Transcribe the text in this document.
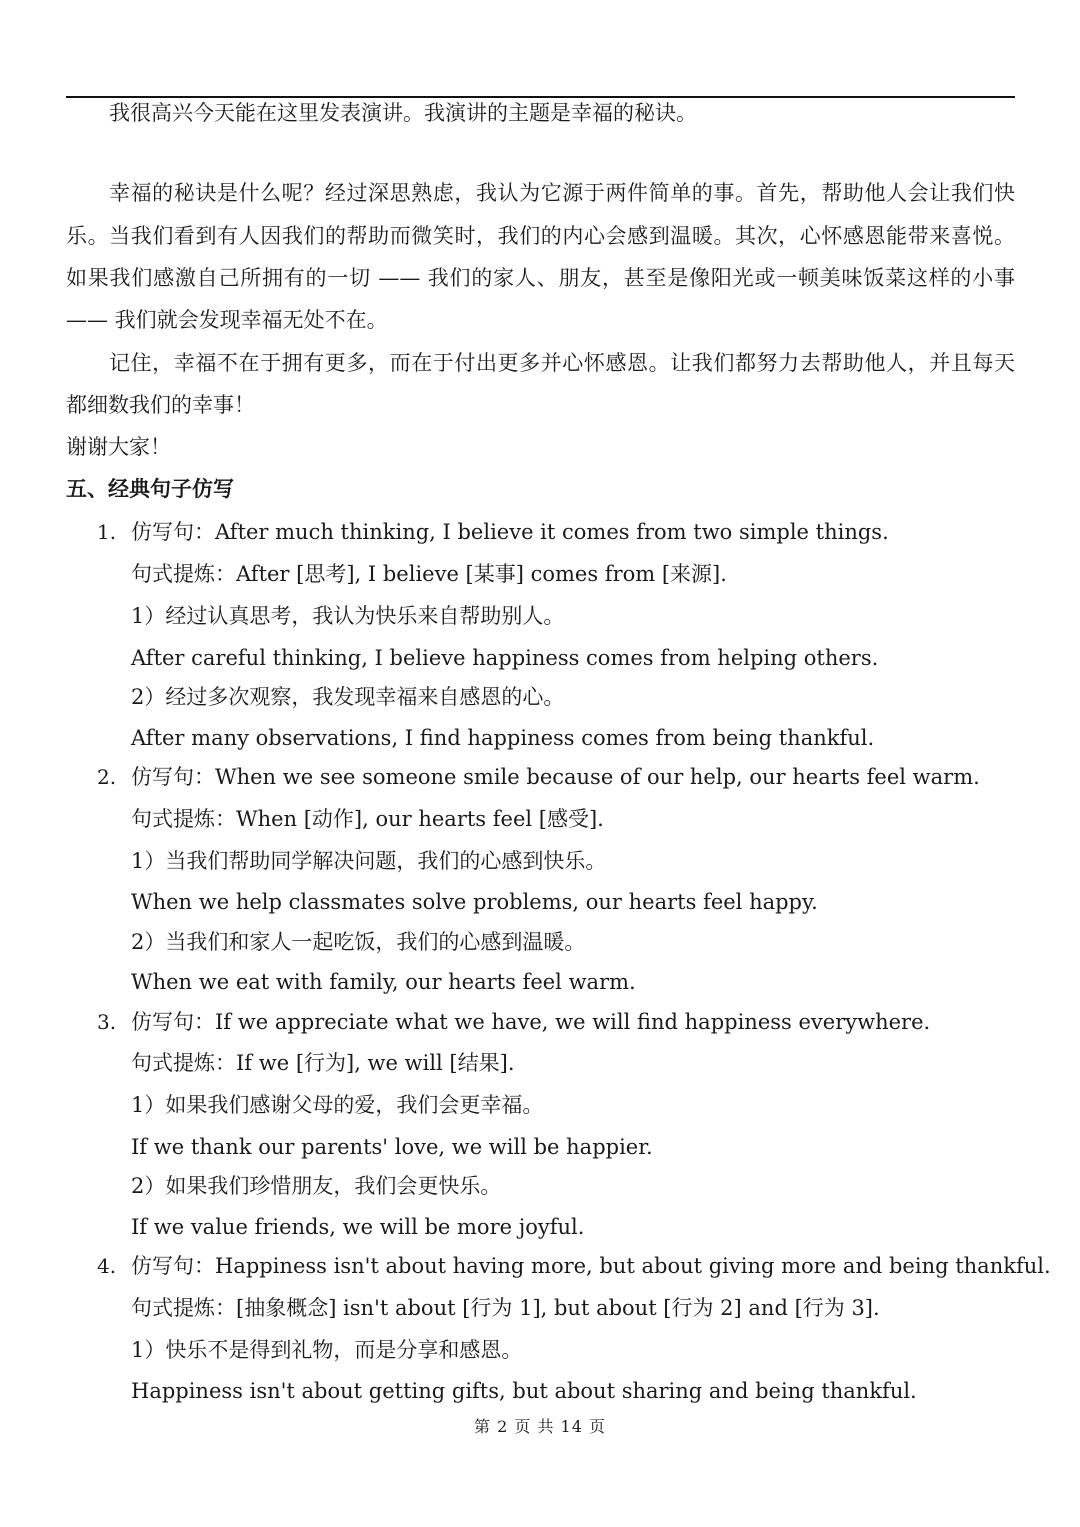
我很高兴今天能在这里发表演讲。我演讲的主题是幸福的秘诀。
幸福的秘诀是什么呢？经过深思熟虑，我认为它源于两件简单的事。首先，帮助他人会让我们快
乐。当我们看到有人因我们的帮助而微笑时，我们的内心会感到温暖。其次，心怀感恩能带来喜悦。
如果我们感激自己所拥有的一切 —— 我们的家人、朋友，甚至是像阳光或一顿美味饭菜这样的小事
—— 我们就会发现幸福无处不在。
记住，幸福不在于拥有更多，而在于付出更多并心怀感恩。让我们都努力去帮助他人，并且每天
都细数我们的幸事！
谢谢大家！
五、经典句子仿写
1. 仿写句：After much thinking, I believe it comes from two simple things.
句式提炼：After [思考], I believe [某事] comes from [来源].
1）经过认真思考，我认为快乐来自帮助别人。
After careful thinking, I believe happiness comes from helping others.
2）经过多次观察，我发现幸福来自感恩的心。
After many observations, I find happiness comes from being thankful.
2. 仿写句：When we see someone smile because of our help, our hearts feel warm.
句式提炼：When [动作], our hearts feel [感受].
1）当我们帮助同学解决问题，我们的心感到快乐。
When we help classmates solve problems, our hearts feel happy.
2）当我们和家人一起吃饭，我们的心感到温暖。
When we eat with family, our hearts feel warm.
3. 仿写句：If we appreciate what we have, we will find happiness everywhere.
句式提炼：If we [行为], we will [结果].
1）如果我们感谢父母的爱，我们会更幸福。
If we thank our parents' love, we will be happier.
2）如果我们珍惜朋友，我们会更快乐。
If we value friends, we will be more joyful.
4. 仿写句：Happiness isn't about having more, but about giving more and being thankful.
句式提炼：[抽象概念] isn't about [行为 1], but about [行为 2] and [行为 3].
1）快乐不是得到礼物，而是分享和感恩。
Happiness isn't about getting gifts, but about sharing and being thankful.
第 2 页 共 14 页
